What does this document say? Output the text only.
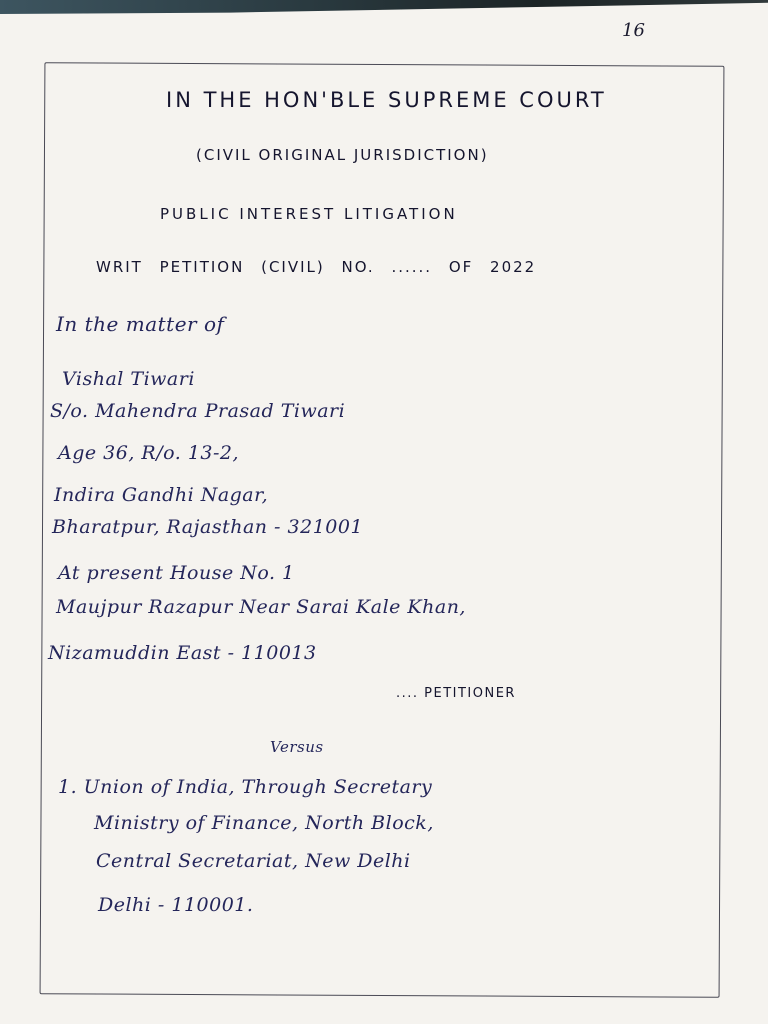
16
IN THE HON'BLE SUPREME COURT
(CIVIL ORIGINAL JURISDICTION)
PUBLIC INTEREST LITIGATION
WRIT PETITION (CIVIL) NO. ...... OF 2022
In the matter of
Vishal Tiwari
S/o. Mahendra Prasad Tiwari
Age 36, R/o. 13-2,
Indira Gandhi Nagar,
Bharatpur, Rajasthan - 321001
At present House No. 1
Maujpur Razapur Near Sarai Kale Khan,
Nizamuddin East - 110013
.... PETITIONER
Versus
1. Union of India, Through Secretary
Ministry of Finance, North Block,
Central Secretariat, New Delhi
Delhi - 110001.
